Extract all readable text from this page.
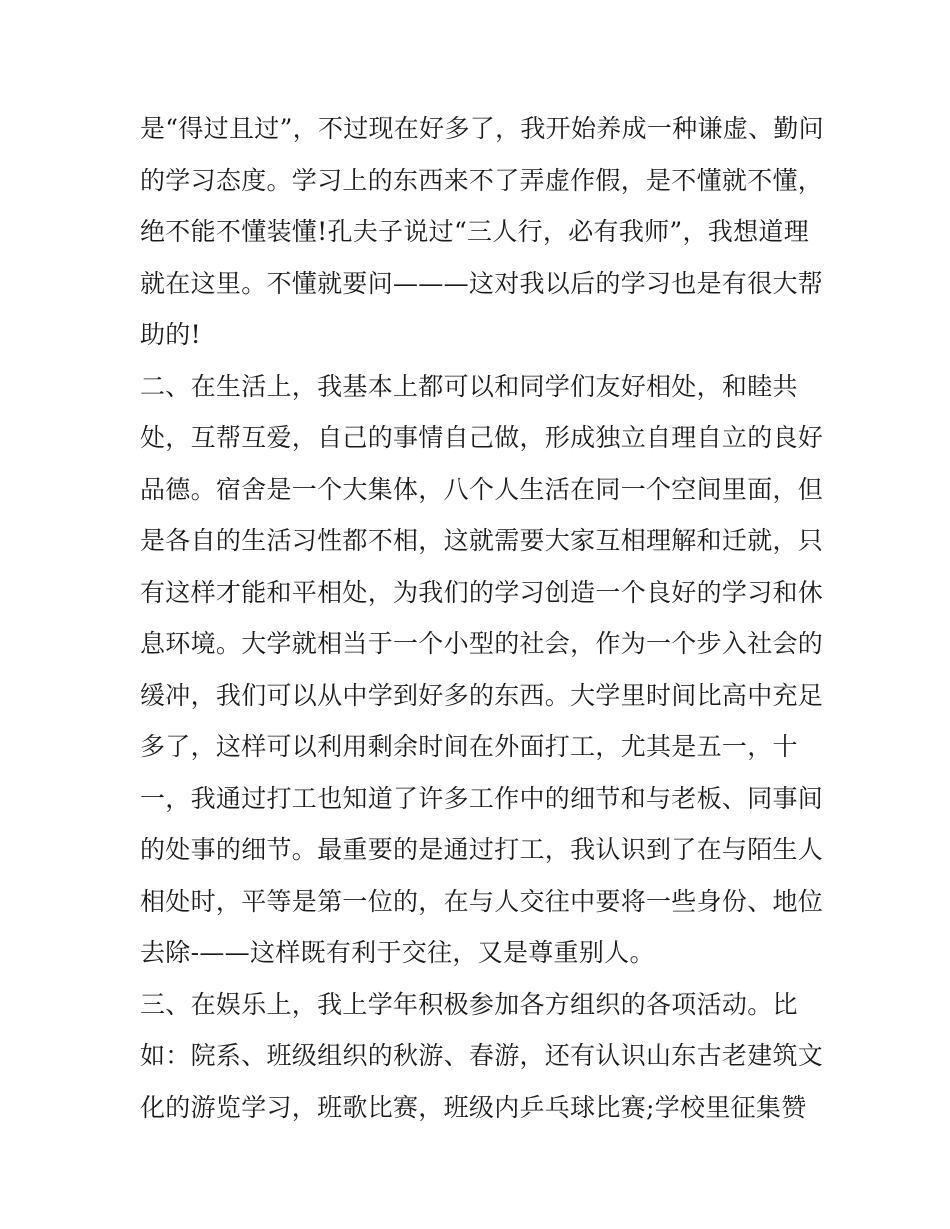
是“得过且过”，不过现在好多了，我开始养成一种谦虚、勤问
的学习态度。学习上的东西来不了弄虚作假，是不懂就不懂，
绝不能不懂装懂!孔夫子说过“三人行，必有我师”，我想道理
就在这里。不懂就要问———这对我以后的学习也是有很大帮
助的!
二、在生活上，我基本上都可以和同学们友好相处，和睦共
处，互帮互爱，自己的事情自己做，形成独立自理自立的良好
品德。宿舍是一个大集体，八个人生活在同一个空间里面，但
是各自的生活习性都不相，这就需要大家互相理解和迁就，只
有这样才能和平相处，为我们的学习创造一个良好的学习和休
息环境。大学就相当于一个小型的社会，作为一个步入社会的
缓冲，我们可以从中学到好多的东西。大学里时间比高中充足
多了，这样可以利用剩余时间在外面打工，尤其是五一，十
一，我通过打工也知道了许多工作中的细节和与老板、同事间
的处事的细节。最重要的是通过打工，我认识到了在与陌生人
相处时，平等是第一位的，在与人交往中要将一些身份、地位
去除-——这样既有利于交往，又是尊重别人。
三、在娱乐上，我上学年积极参加各方组织的各项活动。比
如：院系、班级组织的秋游、春游，还有认识山东古老建筑文
化的游览学习，班歌比赛，班级内乒乓球比赛;学校里征集赞
